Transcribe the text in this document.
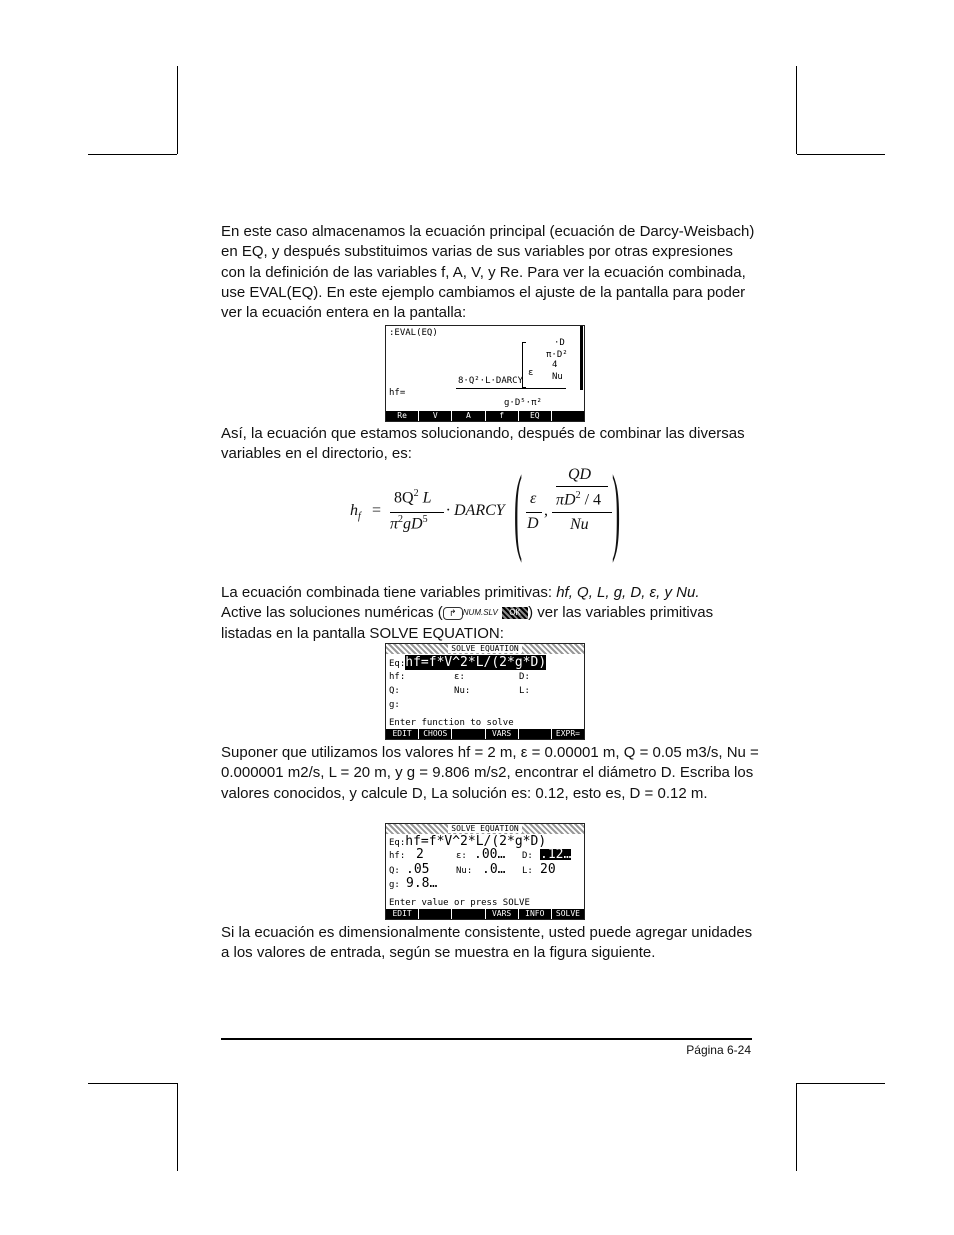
En este caso almacenamos la ecuación principal (ecuación de Darcy-Weisbach) en EQ, y después substituimos varias de sus variables por otras expresiones con la definición de las variables f, A, V, y Re. Para ver la ecuación combinada, use EVAL(EQ). En este ejemplo cambiamos el ajuste de la pantalla para poder ver la ecuación entera en la pantalla:

:EVAL(EQ)
hf=
8·Q²·L·DARCY
g·D⁵·π²
ε
·D
π·D²
4
Nu
Re	V	A	f	EQ

Así, la ecuación que estamos solucionando, después de combinar las diversas variables en el directorio, es:

$h_f$ =
$8Q^2$ L
$\pi^2gD^5$
· DARCY ( ε
D
,
QD
$\pi D^2 / 4$
Nu )

La ecuación combinada tiene variables primitivas: hf, Q, L, g, D, ε, y Nu.
Active las soluciones numéricas ( ↱ NUM.SLV OK ) ver las variables primitivas listadas en la pantalla SOLVE EQUATION:

SOLVE EQUATION
Eq:hf=f*V^2*L/(2*g*D)
hf:         ε:          D:
Q:          Nu:         L:
g:
Enter function to solve
EDIT	CHOOS	VARS	EXPR=

Suponer que utilizamos los valores hf = 2 m, ε = 0.00001 m, Q = 0.05 m3/s, Nu = 0.000001 m2/s, L = 20 m, y g = 9.806 m/s2, encontrar el diámetro D. Escriba los valores conocidos, y calcule D, La solución es: 0.12, esto es, D = 0.12 m.

SOLVE EQUATION
Eq:hf=f*V^2*L/(2*g*D)
hf: 2	ε: .00… D: .12…
Q: .05	Nu: .0… L: 20
g: 9.8…
Enter value or press SOLVE
EDIT	VARS	INFO	SOLVE

Si la ecuación es dimensionalmente consistente, usted puede agregar unidades a los valores de entrada, según se muestra en la figura siguiente.

Página 6-24
